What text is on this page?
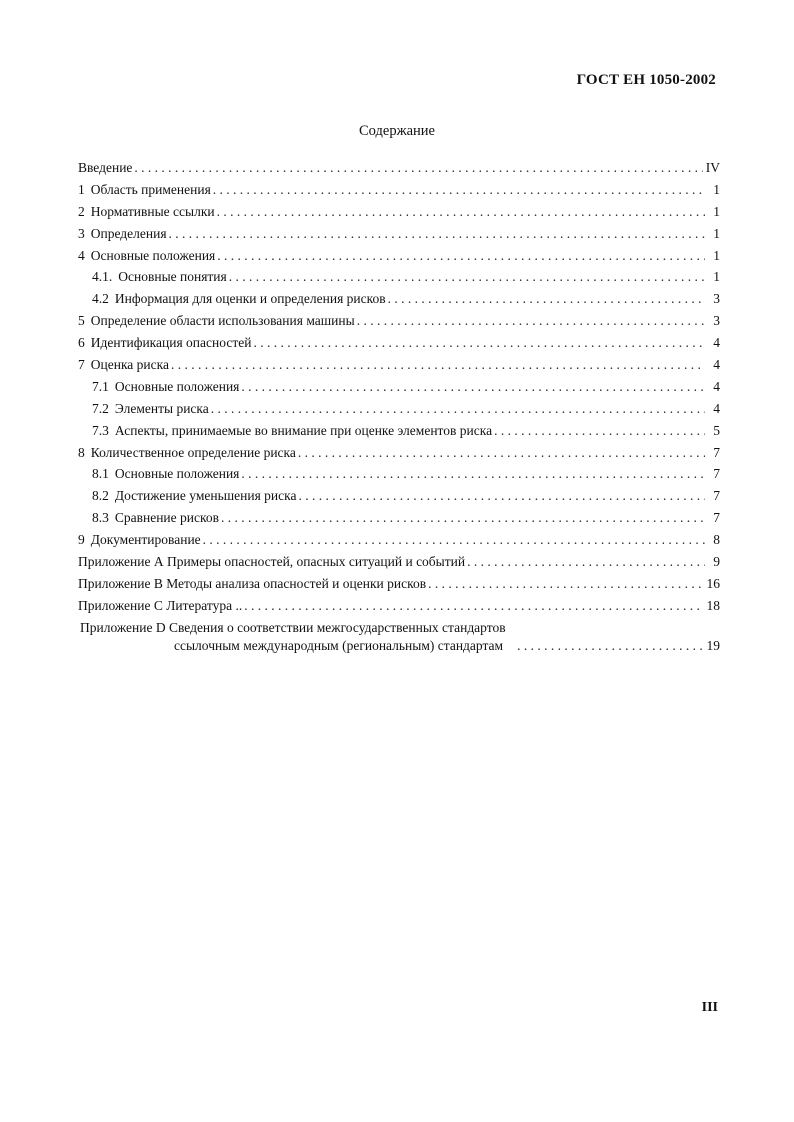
ГОСТ ЕН 1050-2002
Содержание
Введение . . .	IV
1 Область применения . . .	1
2 Нормативные ссылки . . .	1
3 Определения . . .	1
4 Основные положения . . .	1
4.1. Основные понятия . . .	1
4.2 Информация для оценки и определения рисков . . .	3
5 Определение области использования машины . . .	3
6 Идентификация опасностей . . .	4
7 Оценка риска . . .	4
7.1 Основные положения . . .	4
7.2 Элементы риска . . .	4
7.3 Аспекты, принимаемые во внимание при оценке элементов риска . . .	5
8 Количественное определение риска . . .	7
8.1 Основные положения . . .	7
8.2 Достижение уменьшения риска . . .	7
8.3 Сравнение рисков . . .	7
9 Документирование . . .	8
Приложение А Примеры опасностей, опасных ситуаций и событий . . .	9
Приложение В Методы анализа опасностей и оценки рисков . . .	16
Приложение С Литература .. . . .	18
Приложение D Сведения о соответствии межгосударственных стандартов
ссылочным международным (региональным) стандартам . . .	19
III
